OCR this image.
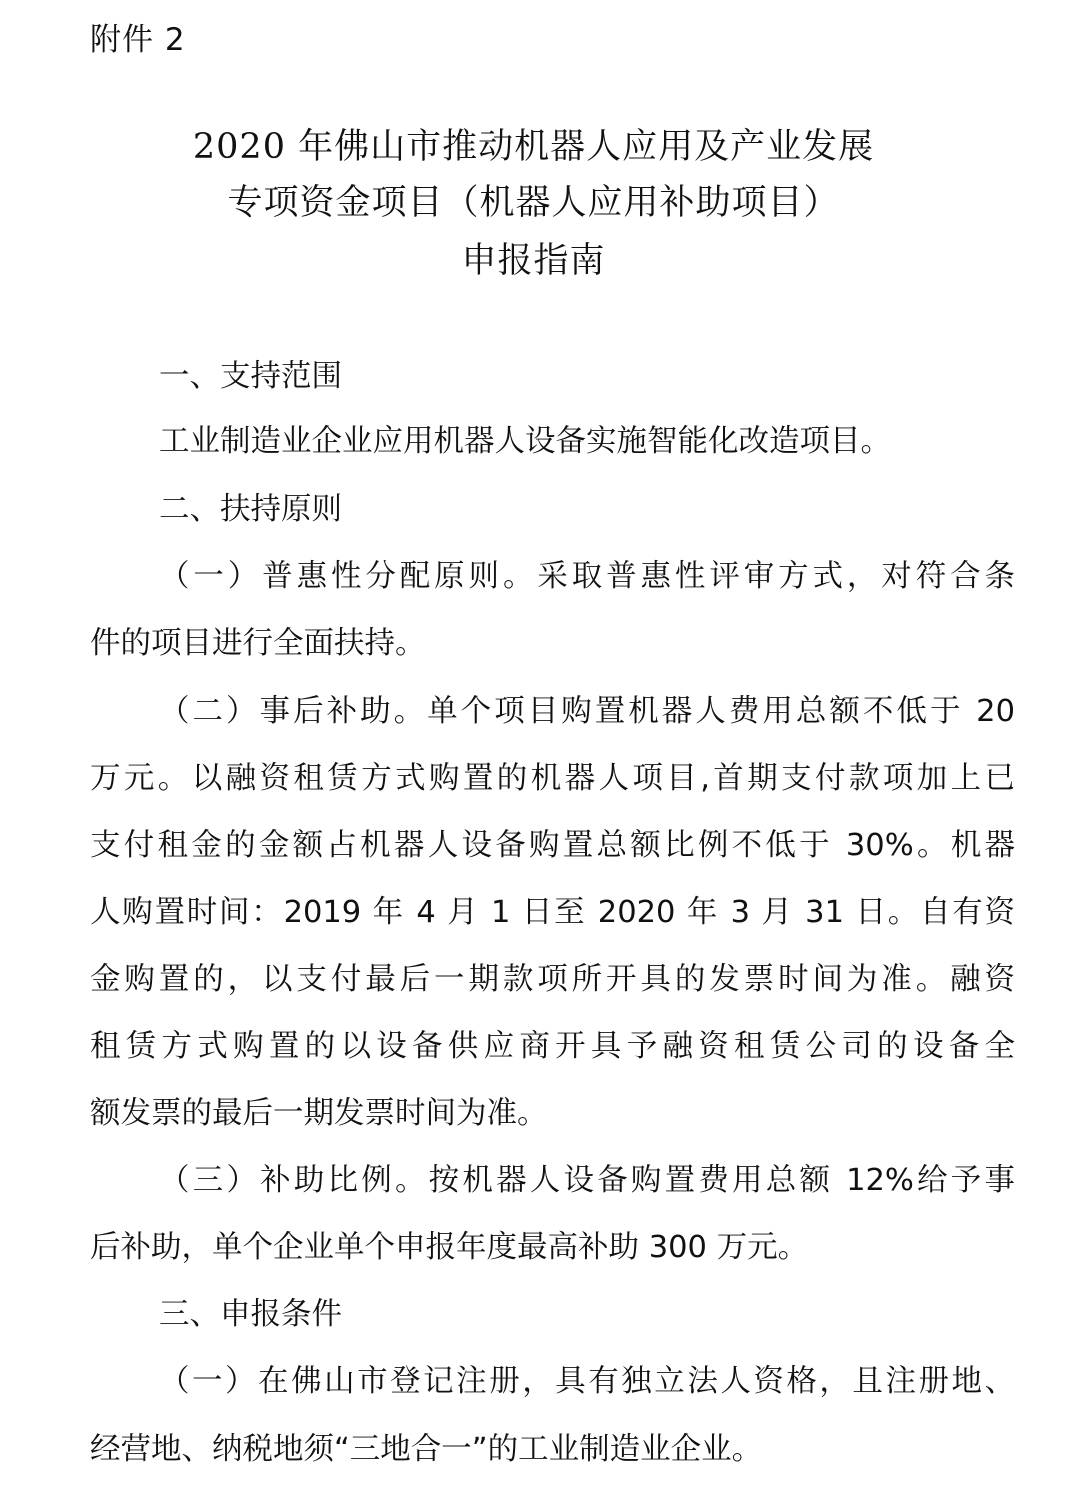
附件 2
2020 年佛山市推动机器人应用及产业发展
专项资金项目（机器人应用补助项目）
申报指南
一、支持范围
工业制造业企业应用机器人设备实施智能化改造项目。
二、扶持原则
（一）普惠性分配原则。采取普惠性评审方式，对符合条
件的项目进行全面扶持。
（二）事后补助。单个项目购置机器人费用总额不低于 20
万元。以融资租赁方式购置的机器人项目,首期支付款项加上已
支付租金的金额占机器人设备购置总额比例不低于 30%。机器
人购置时间：2019 年 4 月 1 日至 2020 年 3 月 31 日。自有资
金购置的，以支付最后一期款项所开具的发票时间为准。融资
租赁方式购置的以设备供应商开具予融资租赁公司的设备全
额发票的最后一期发票时间为准。
（三）补助比例。按机器人设备购置费用总额 12%给予事
后补助，单个企业单个申报年度最高补助 300 万元。
三、申报条件
（一）在佛山市登记注册，具有独立法人资格，且注册地、
经营地、纳税地须“三地合一”的工业制造业企业。
